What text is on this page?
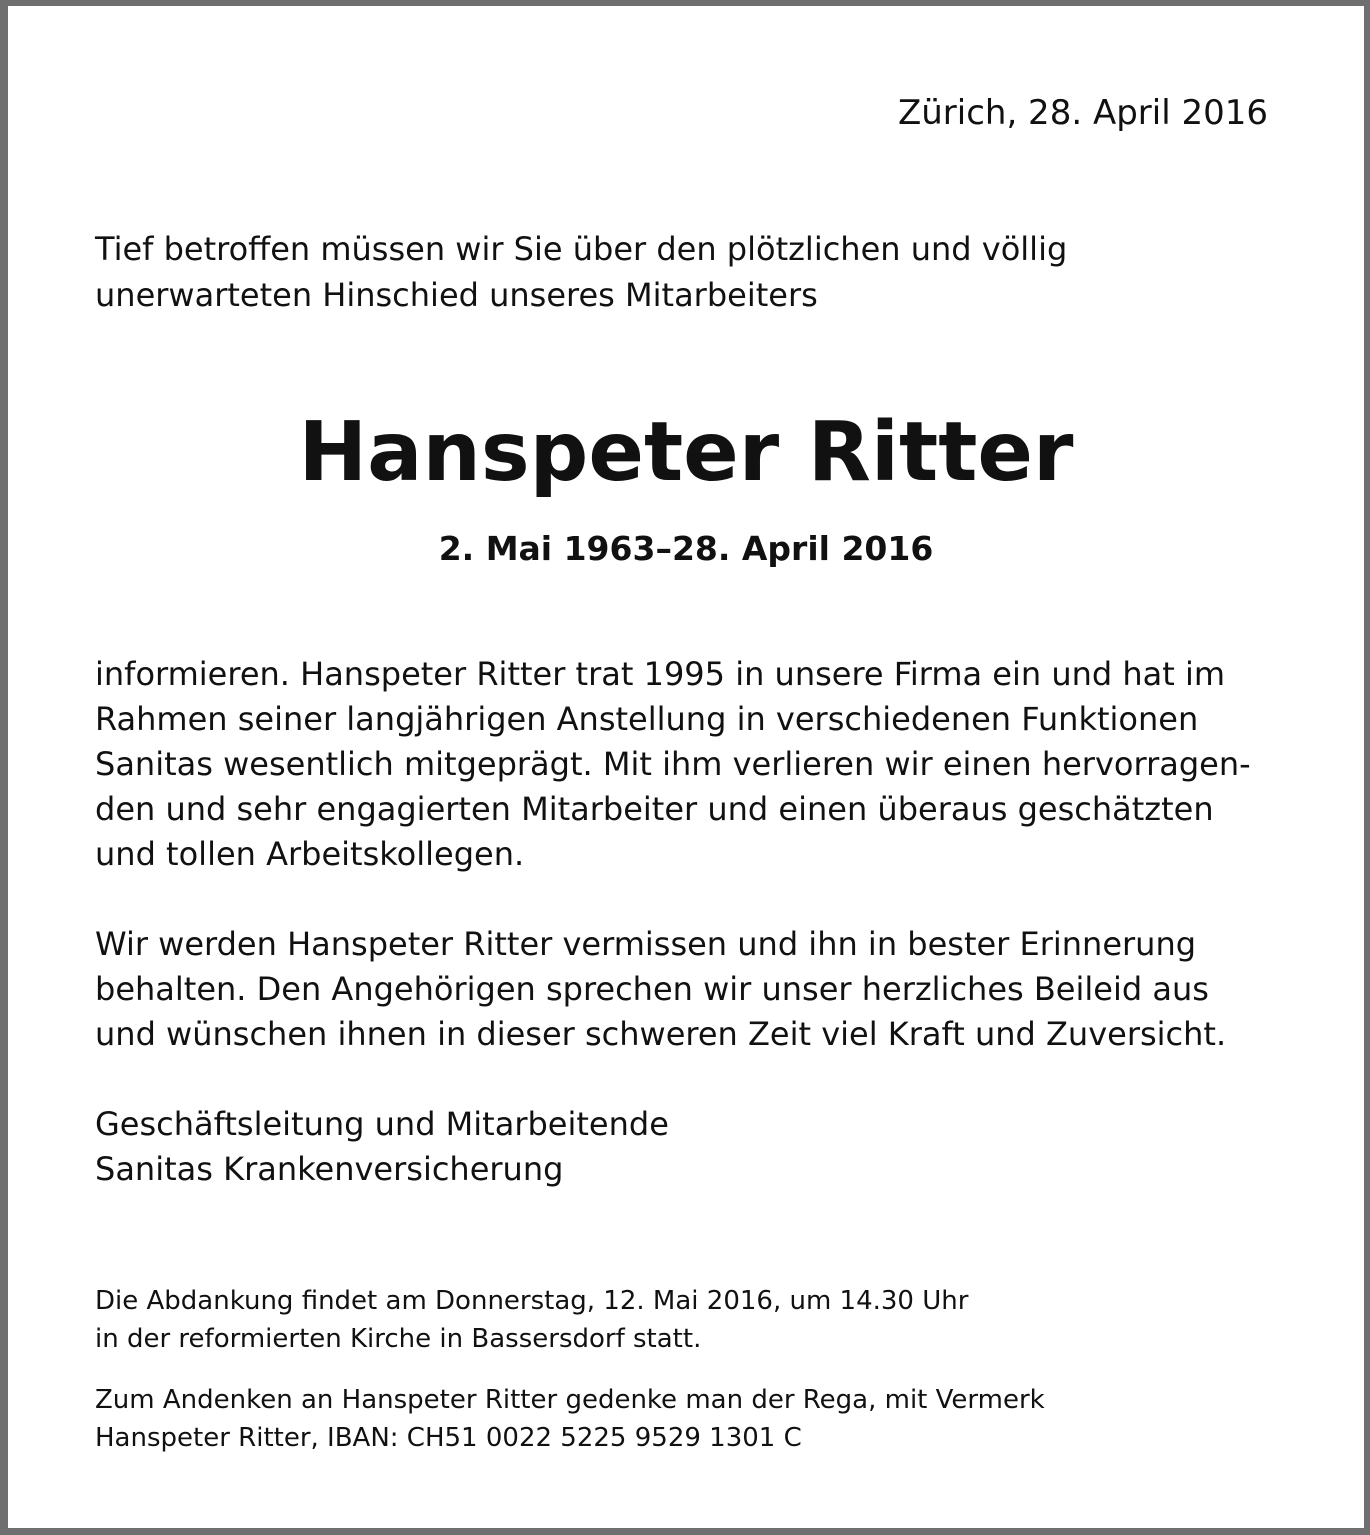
Zürich, 28. April 2016
Tief betroffen müssen wir Sie über den plötzlichen und völlig
unerwarteten Hinschied unseres Mitarbeiters
Hanspeter Ritter
2. Mai 1963–28. April 2016
informieren. Hanspeter Ritter trat 1995 in unsere Firma ein und hat im
Rahmen seiner langjährigen Anstellung in verschiedenen Funktionen
Sanitas wesentlich mitgeprägt. Mit ihm verlieren wir einen hervorragen-
den und sehr engagierten Mitarbeiter und einen überaus geschätzten
und tollen Arbeitskollegen.
Wir werden Hanspeter Ritter vermissen und ihn in bester Erinnerung
behalten. Den Angehörigen sprechen wir unser herzliches Beileid aus
und wünschen ihnen in dieser schweren Zeit viel Kraft und Zuversicht.
Geschäftsleitung und Mitarbeitende
Sanitas Krankenversicherung
Die Abdankung findet am Donnerstag, 12. Mai 2016, um 14.30 Uhr
in der reformierten Kirche in Bassersdorf statt.
Zum Andenken an Hanspeter Ritter gedenke man der Rega, mit Vermerk
Hanspeter Ritter, IBAN: CH51 0022 5225 9529 1301 C
